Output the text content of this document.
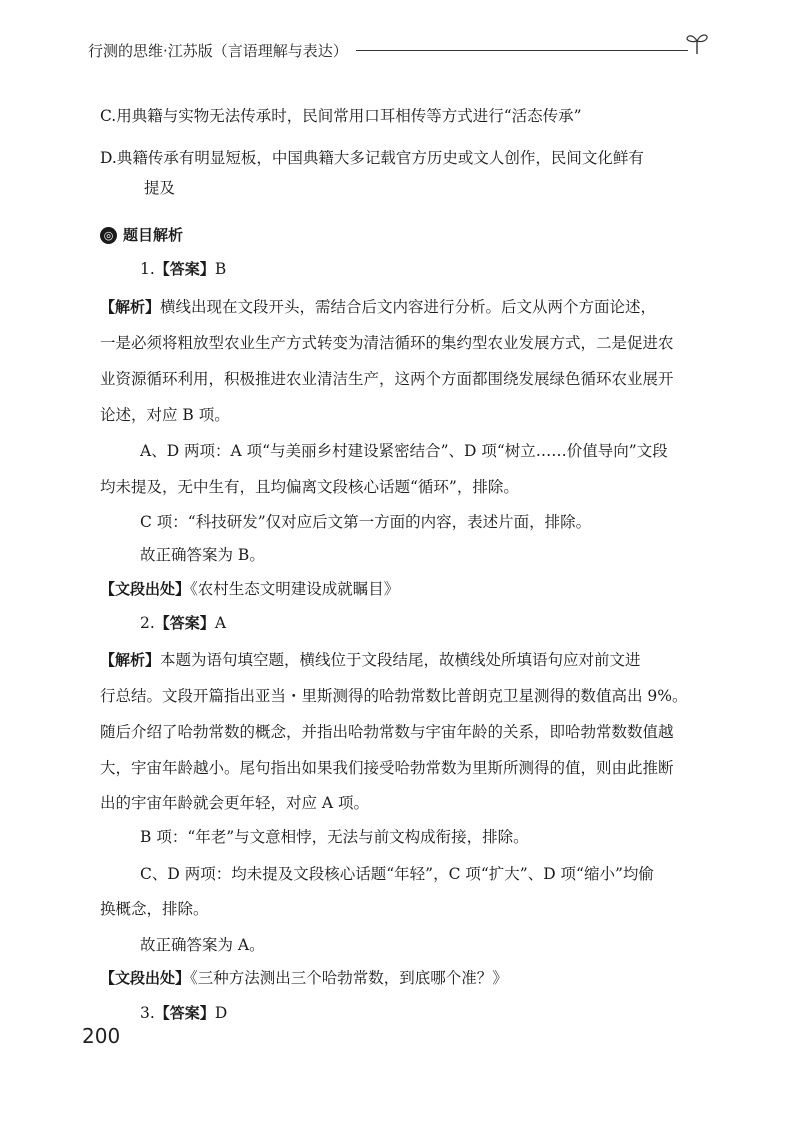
行测的思维·江苏版（言语理解与表达）
C.用典籍与实物无法传承时，民间常用口耳相传等方式进行“活态传承”
D.典籍传承有明显短板，中国典籍大多记载官方历史或文人创作，民间文化鲜有
提及
◎ 题目解析
1.【答案】B
【解析】横线出现在文段开头，需结合后文内容进行分析。后文从两个方面论述，
一是必须将粗放型农业生产方式转变为清洁循环的集约型农业发展方式，二是促进农
业资源循环利用，积极推进农业清洁生产，这两个方面都围绕发展绿色循环农业展开
论述，对应 B 项。
A、D 两项：A 项“与美丽乡村建设紧密结合”、D 项“树立……价值导向”文段
均未提及，无中生有，且均偏离文段核心话题“循环”，排除。
C 项：“科技研发”仅对应后文第一方面的内容，表述片面，排除。
故正确答案为 B。
【文段出处】《农村生态文明建设成就瞩目》
2.【答案】A
【解析】本题为语句填空题，横线位于文段结尾，故横线处所填语句应对前文进
行总结。文段开篇指出亚当・里斯测得的哈勃常数比普朗克卫星测得的数值高出 9%。
随后介绍了哈勃常数的概念，并指出哈勃常数与宇宙年龄的关系，即哈勃常数数值越
大，宇宙年龄越小。尾句指出如果我们接受哈勃常数为里斯所测得的值，则由此推断
出的宇宙年龄就会更年轻，对应 A 项。
B 项：“年老”与文意相悖，无法与前文构成衔接，排除。
C、D 两项：均未提及文段核心话题“年轻”，C 项“扩大”、D 项“缩小”均偷
换概念，排除。
故正确答案为 A。
【文段出处】《三种方法测出三个哈勃常数，到底哪个准？》
3.【答案】D
200
